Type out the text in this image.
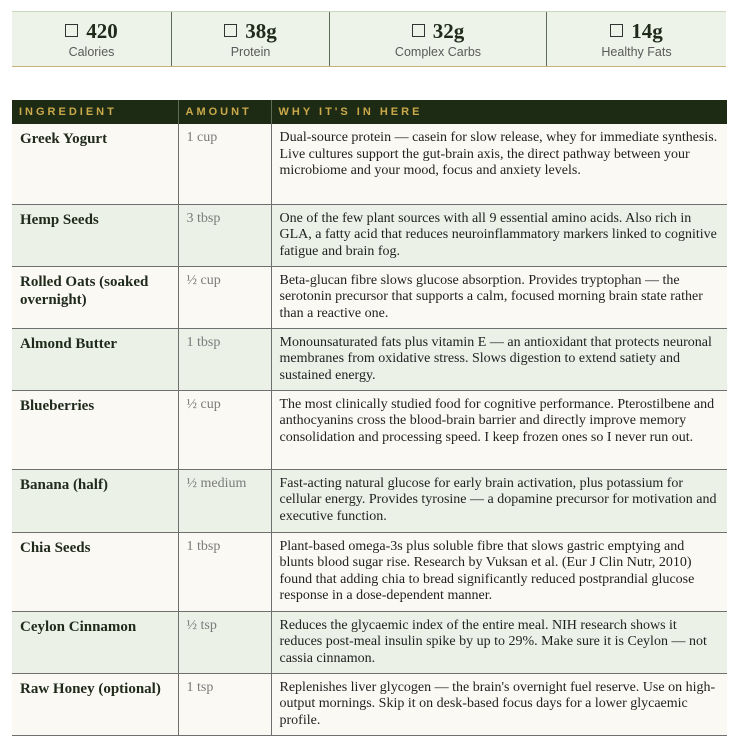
420
Calories
38g
Protein
32g
Complex Carbs
14g
Healthy Fats
INGREDIENT	AMOUNT	WHY IT'S IN HERE
Greek Yogurt	1 cup	Dual-source protein — casein for slow release, whey for immediate synthesis. Live cultures support the gut-brain axis, the direct pathway between your microbiome and your mood, focus and anxiety levels.
Hemp Seeds	3 tbsp	One of the few plant sources with all 9 essential amino acids. Also rich in GLA, a fatty acid that reduces neuroinflammatory markers linked to cognitive fatigue and brain fog.
Rolled Oats (soaked overnight)	½ cup	Beta-glucan fibre slows glucose absorption. Provides tryptophan — the serotonin precursor that supports a calm, focused morning brain state rather than a reactive one.
Almond Butter	1 tbsp	Monounsaturated fats plus vitamin E — an antioxidant that protects neuronal membranes from oxidative stress. Slows digestion to extend satiety and sustained energy.
Blueberries	½ cup	The most clinically studied food for cognitive performance. Pterostilbene and anthocyanins cross the blood-brain barrier and directly improve memory consolidation and processing speed. I keep frozen ones so I never run out.
Banana (half)	½ medium	Fast-acting natural glucose for early brain activation, plus potassium for cellular energy. Provides tyrosine — a dopamine precursor for motivation and executive function.
Chia Seeds	1 tbsp	Plant-based omega-3s plus soluble fibre that slows gastric emptying and blunts blood sugar rise. Research by Vuksan et al. (Eur J Clin Nutr, 2010) found that adding chia to bread significantly reduced postprandial glucose response in a dose-dependent manner.
Ceylon Cinnamon	½ tsp	Reduces the glycaemic index of the entire meal. NIH research shows it reduces post-meal insulin spike by up to 29%. Make sure it is Ceylon — not cassia cinnamon.
Raw Honey (optional)	1 tsp	Replenishes liver glycogen — the brain's overnight fuel reserve. Use on high-output mornings. Skip it on desk-based focus days for a lower glycaemic profile.
